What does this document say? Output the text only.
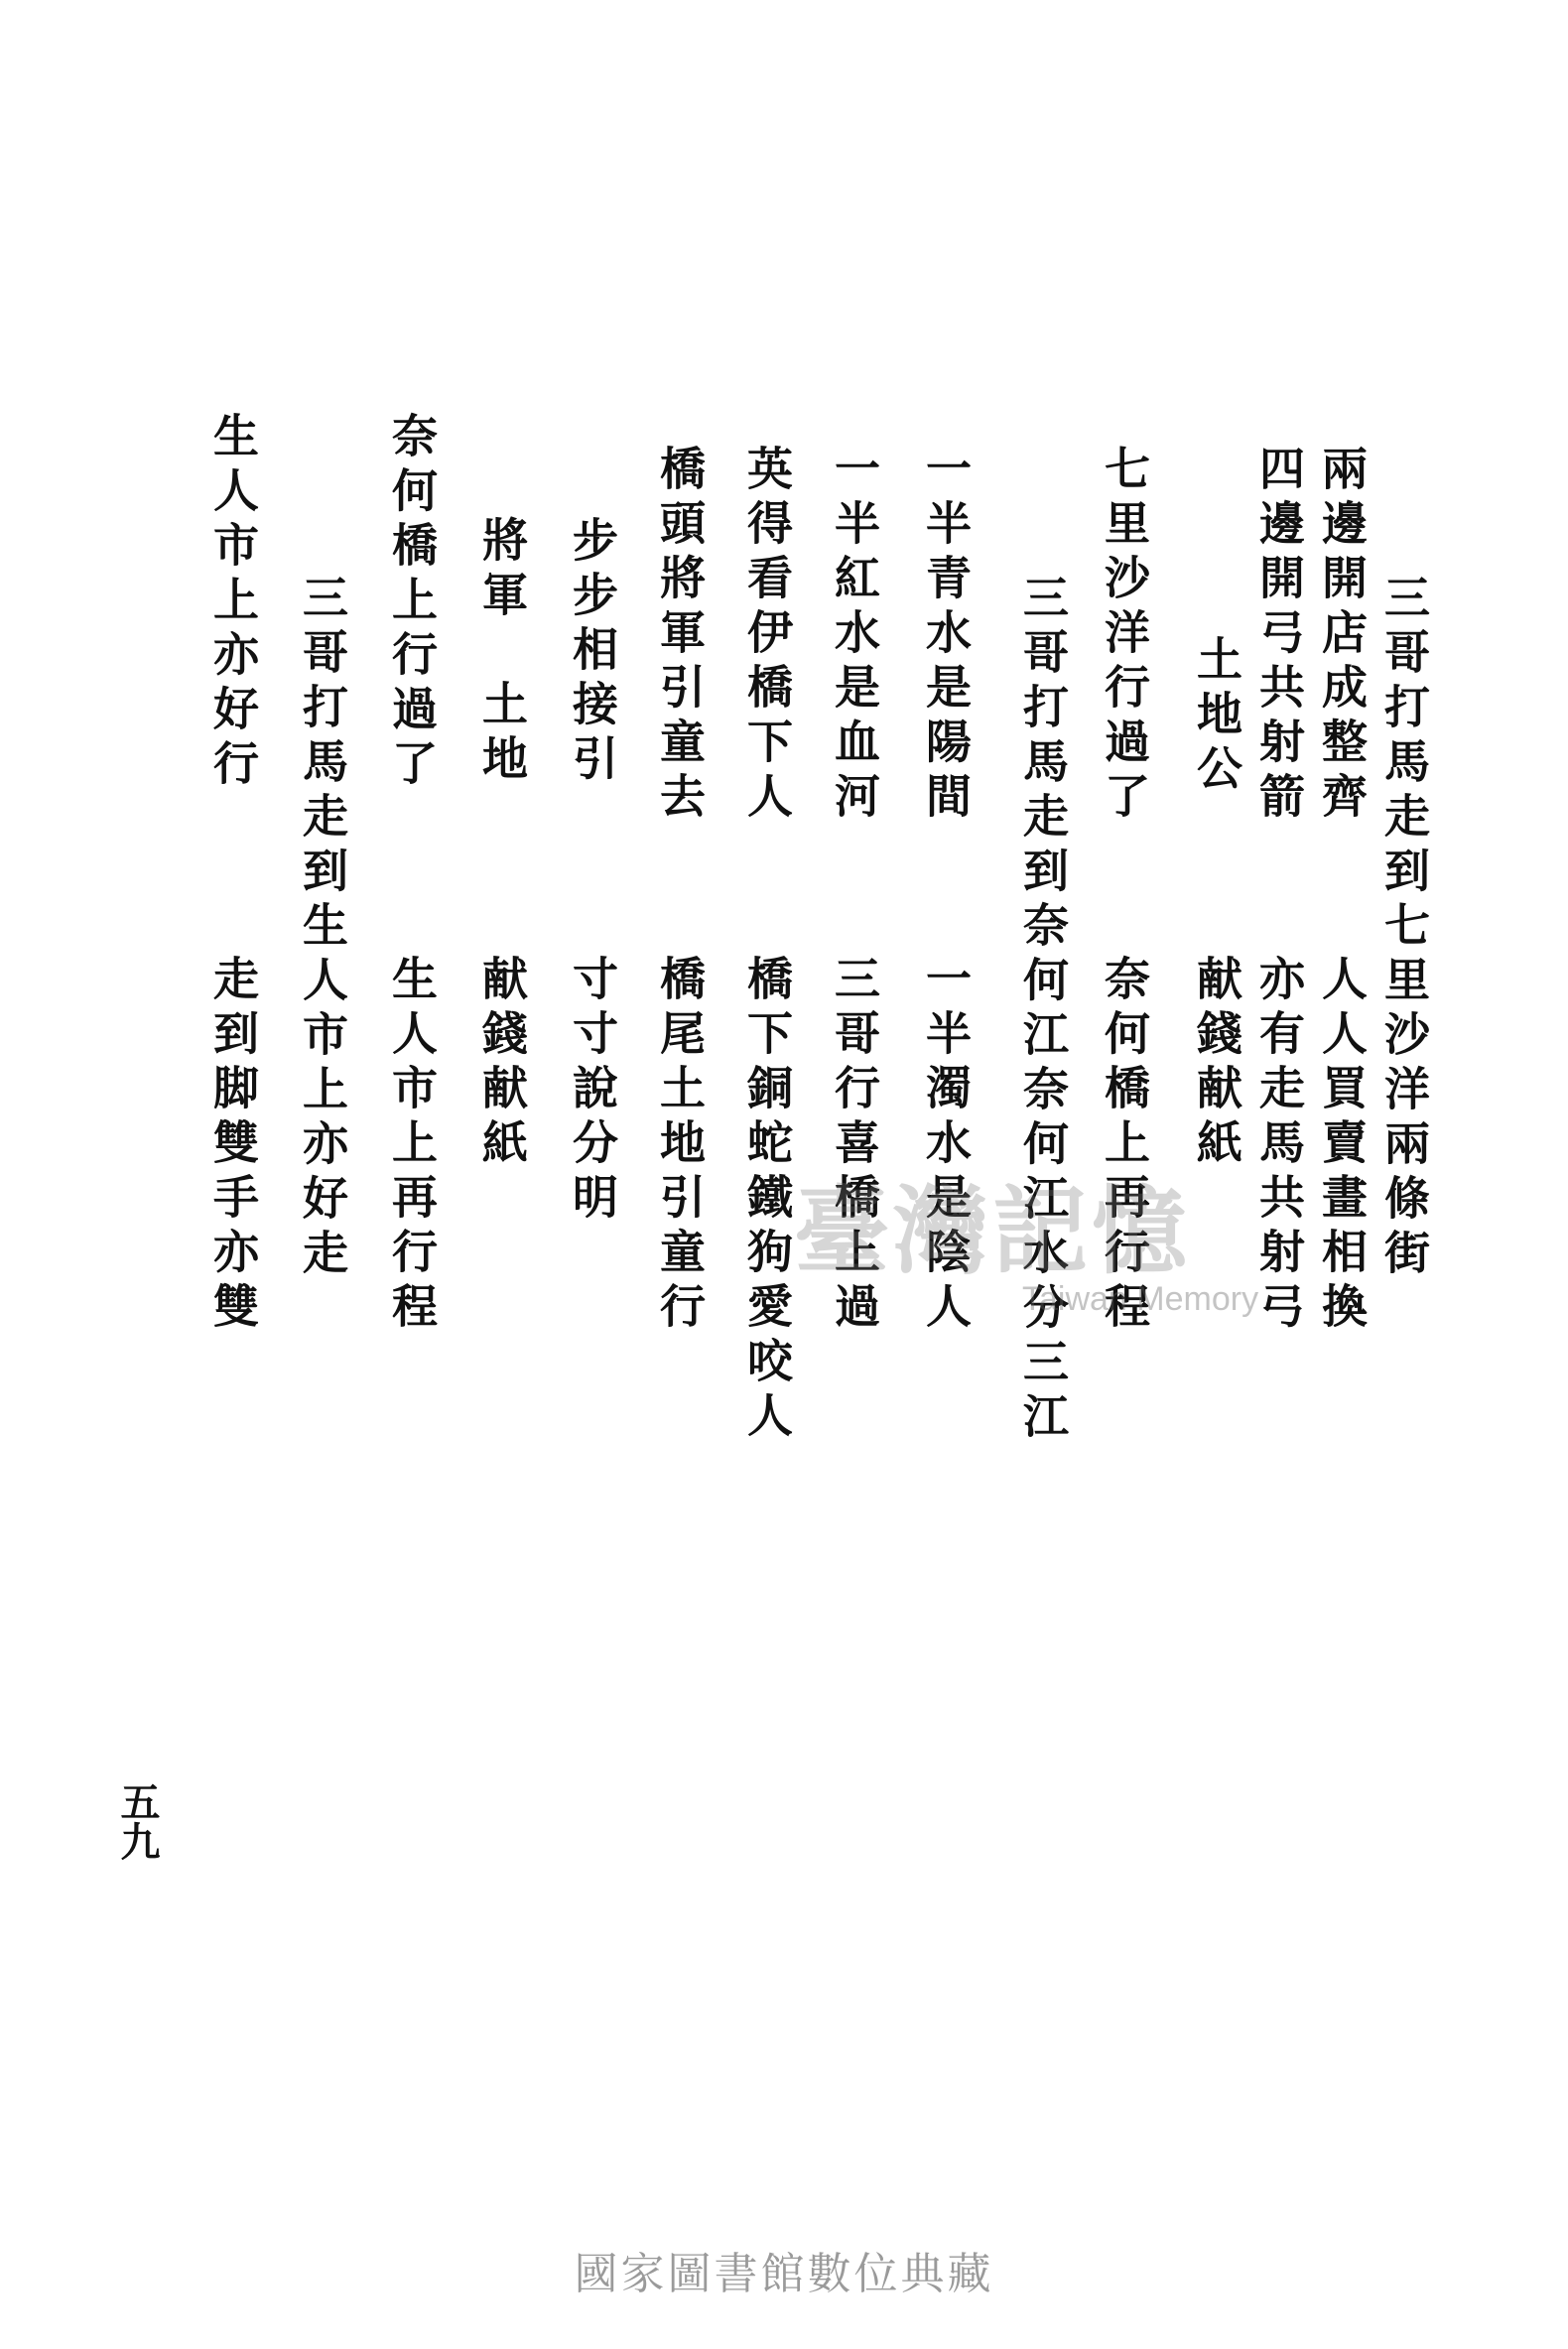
三哥打馬走到七里沙洋兩條街
兩邊開店成整齊
人人買賣畫相換
四邊開弓共射箭
亦有走馬共射弓
土地公
献錢献紙
七里沙洋行過了
奈何橋上再行程
三哥打馬走到奈何江奈何江水分三江
一半青水是陽間
一半濁水是陰人
一半紅水是血河
三哥行喜橋上過
英得看伊橋下人
橋下銅蛇鐵狗愛咬人
橋頭將軍引童去
橋尾土地引童行
步步相接引
寸寸說分明
將軍　土地
献錢献紙
奈何橋上行過了
生人市上再行程
三哥打馬走到生人市上亦好走
生人市上亦好行
走到脚雙手亦雙
五九
臺灣記憶
Taiwan Memory
國家圖書館數位典藏
